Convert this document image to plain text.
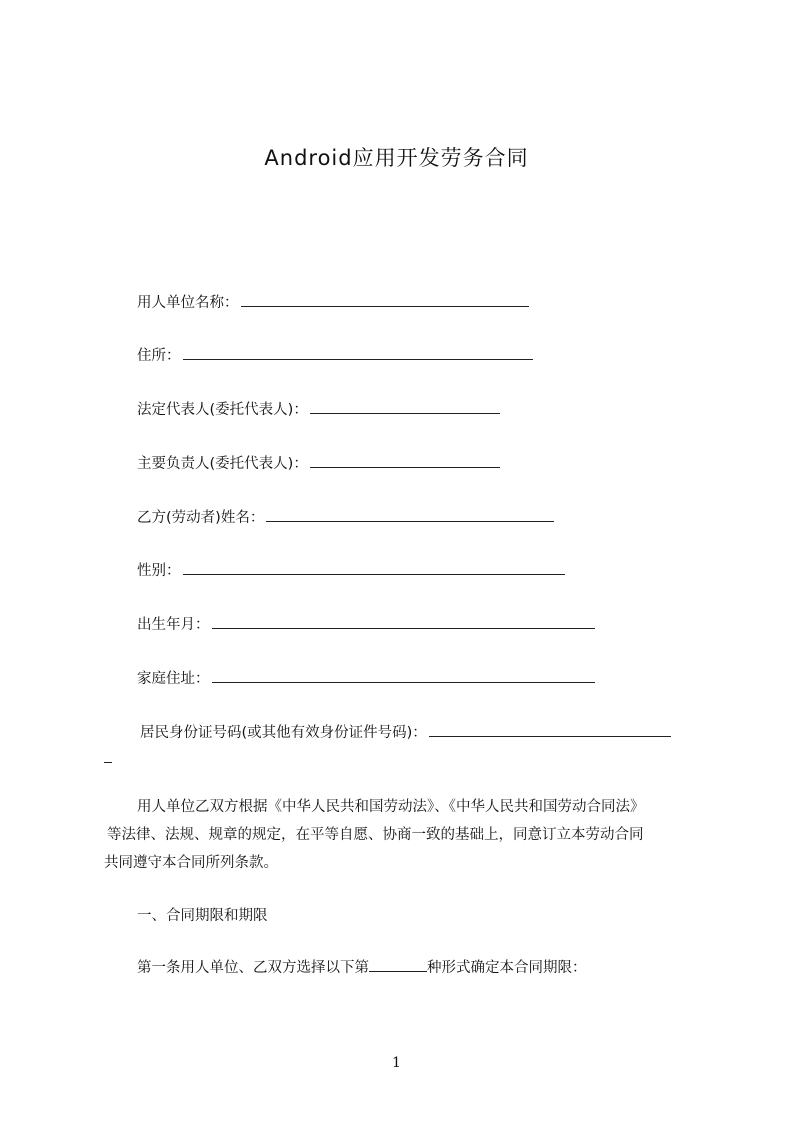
Android应用开发劳务合同
用人单位名称：
住所：
法定代表人(委托代表人)：
主要负责人(委托代表人)：
乙方(劳动者)姓名：
性别：
出生年月：
家庭住址：
居民身份证号码(或其他有效身份证件号码)：
用人单位乙双方根据《中华人民共和国劳动法》、《中华人民共和国劳动合同法》
等法律、法规、规章的规定，在平等自愿、协商一致的基础上，同意订立本劳动合同
共同遵守本合同所列条款。
一、合同期限和期限
第一条用人单位、乙双方选择以下第	种形式确定本合同期限：
1
